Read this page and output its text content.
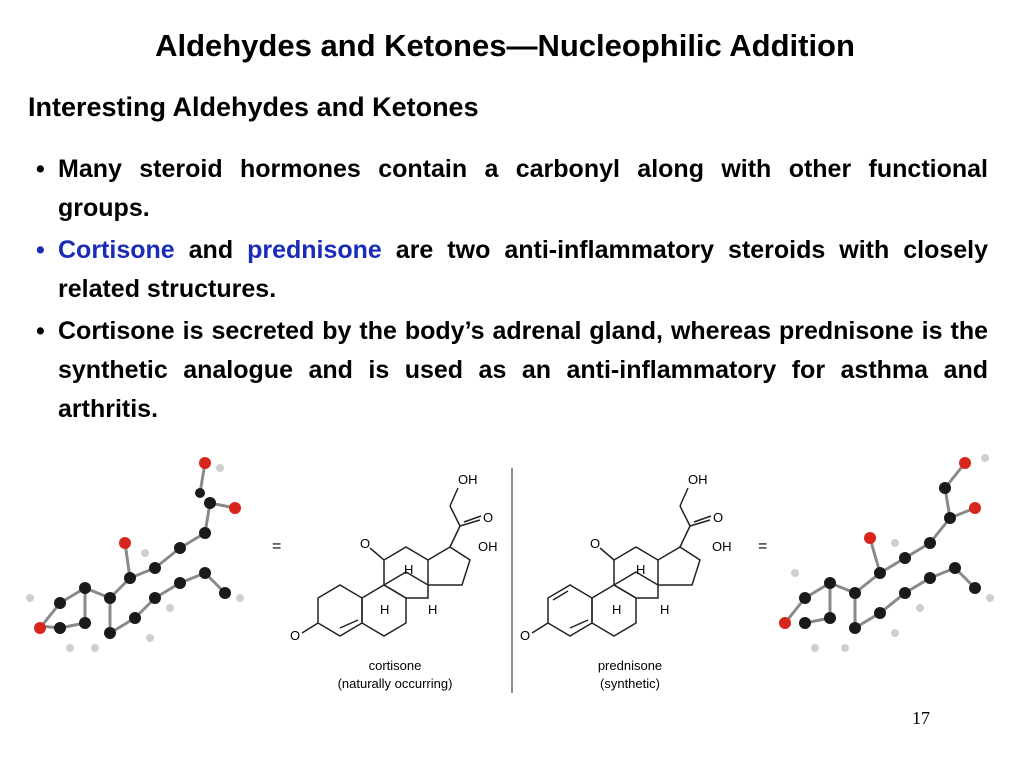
Aldehydes and Ketones—Nucleophilic Addition
Interesting Aldehydes and Ketones
• Many steroid hormones contain a carbonyl along with other functional groups.
• Cortisone and prednisone are two anti-inflammatory steroids with closely related structures.
• Cortisone is secreted by the body’s adrenal gland, whereas prednisone is the synthetic analogue and is used as an anti-inflammatory for asthma and arthritis.
=
OH
O
O
OH
H
H	H
O
cortisone
(naturally occurring)
OH
O
O
OH
H
H	H
O
prednisone
(synthetic)
=
17
